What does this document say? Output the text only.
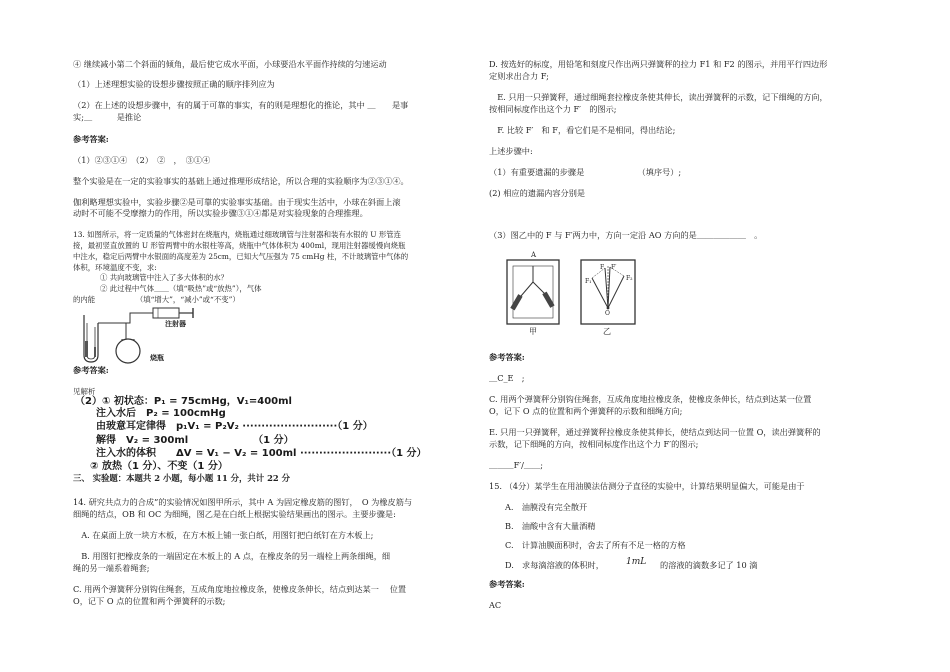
④ 继续减小第二个斜面的倾角，最后使它成水平面，小球要沿水平面作持续的匀速运动
（1）上述理想实验的设想步骤按照正确的顺序排列应为
（2）在上述的设想步骤中，有的属于可靠的事实，有的则是理想化的推论，其中 ＿　　是事
实;＿　　　是推论
参考答案:
（1）②③①④　（2）　②　，　③①④
整个实验是在一定的实验事实的基础上通过推理形成结论，所以合理的实验顺序为②③①④。
伽利略理想实验中，实验步骤②是可靠的实验事实基础。由于现实生活中，小球在斜面上滚
动时不可能不受摩擦力的作用，所以实验步骤③①④都是对实验现象的合理推理。
13. 如图所示，将一定质量的气体密封在烧瓶内，烧瓶通过细玻璃管与注射器和装有水银的 U 形管连
接，最初竖直放置的 U 形管两臂中的水银柱等高，烧瓶中气体体积为 400ml，现用注射器缓慢向烧瓶
中注水，稳定后两臂中水银面的高度差为 25cm，已知大气压强为 75 cmHg 柱，不计玻璃管中气体的
体积，环境温度不变，求:
① 共向玻璃管中注入了多大体积的水？
② 此过程中气体＿＿（填“吸热”或“放热”），气体
的内能　　　　　　（填“增大”，“减小”或“不变”）
注射器
烧瓶
参考答案:
见解析
（2）① 初状态：P₁ = 75cmHg，V₁=400ml
注入水后　P₂ = 100cmHg
由玻意耳定律得　p₁V₁ = P₂V₂ ·························（1 分）
解得　V₂ = 300ml　　　　　　　（1 分）
注入水的体积　　ΔV = V₁ − V₂ = 100ml ························（1 分）
② 放热（1 分）、不变（1 分）
三、 实验题：本题共 2 小题，每小题 11 分，共计 22 分
14. 研究共点力的合成”的实验情况如图甲所示，其中 A 为固定橡皮筋的图钉，　O 为橡皮筋与
细绳的结点，OB 和 OC 为细绳，图乙是在白纸上根据实验结果画出的图示。主要步骤是:
　A. 在桌面上放一块方木板，在方木板上铺一张白纸，用图钉把白纸钉在方木板上;
　B. 用图钉把橡皮条的一端固定在木板上的 A 点，在橡皮条的另一端栓上两条细绳，细
绳的另一端系着绳套;
C. 用两个弹簧秤分别钩住绳套，互成角度地拉橡皮条，使橡皮条伸长，结点到达某一　 位置
O，记下 O 点的位置和两个弹簧秤的示数;
D. 按选好的标度，用铅笔和刻度尺作出两只弹簧秤的拉力 F1 和 F2 的图示，并用平行四边形
定则求出合力 F;
　E. 只用一只弹簧秤，通过细绳套拉橡皮条使其伸长，读出弹簧秤的示数，记下细绳的方向，
按相同标度作出这个力 F′　的图示;
　F. 比较 F′　和 F，看它们是不是相同，得出结论;
上述步骤中:
（1）有重要遗漏的步骤是　　　　　　　（填序号）;
(2) 相应的遗漏内容分别是
（3）图乙中的 F 与 F′两力中，方向一定沿 AO 方向的是＿＿＿＿＿＿　。
A
F₁	F₂
F F′
O
甲	乙
参考答案:
＿C_E　;
C. 用两个弹簧秤分别钩住绳套，互成角度地拉橡皮条，使橡皮条伸长，结点到达某一位置
O，记下 O 点的位置和两个弹簧秤的示数和细绳方向;
E. 只用一只弹簧秤，通过弹簧秤拉橡皮条使其伸长，使结点到达同一位置 O，读出弹簧秤的
示数，记下细绳的方向，按相同标度作出这个力 F′的图示;
＿＿＿F′/＿＿;
15. （4分）某学生在用油膜法估测分子直径的实验中，计算结果明显偏大，可能是由于
A.　油膜没有完全散开
B.　油酸中含有大量酒精
C.　计算油膜面积时，舍去了所有不足一格的方格
D.　求每滴溶液的体积时， 1mL 的溶液的滴数多记了 10 滴
参考答案:
AC
